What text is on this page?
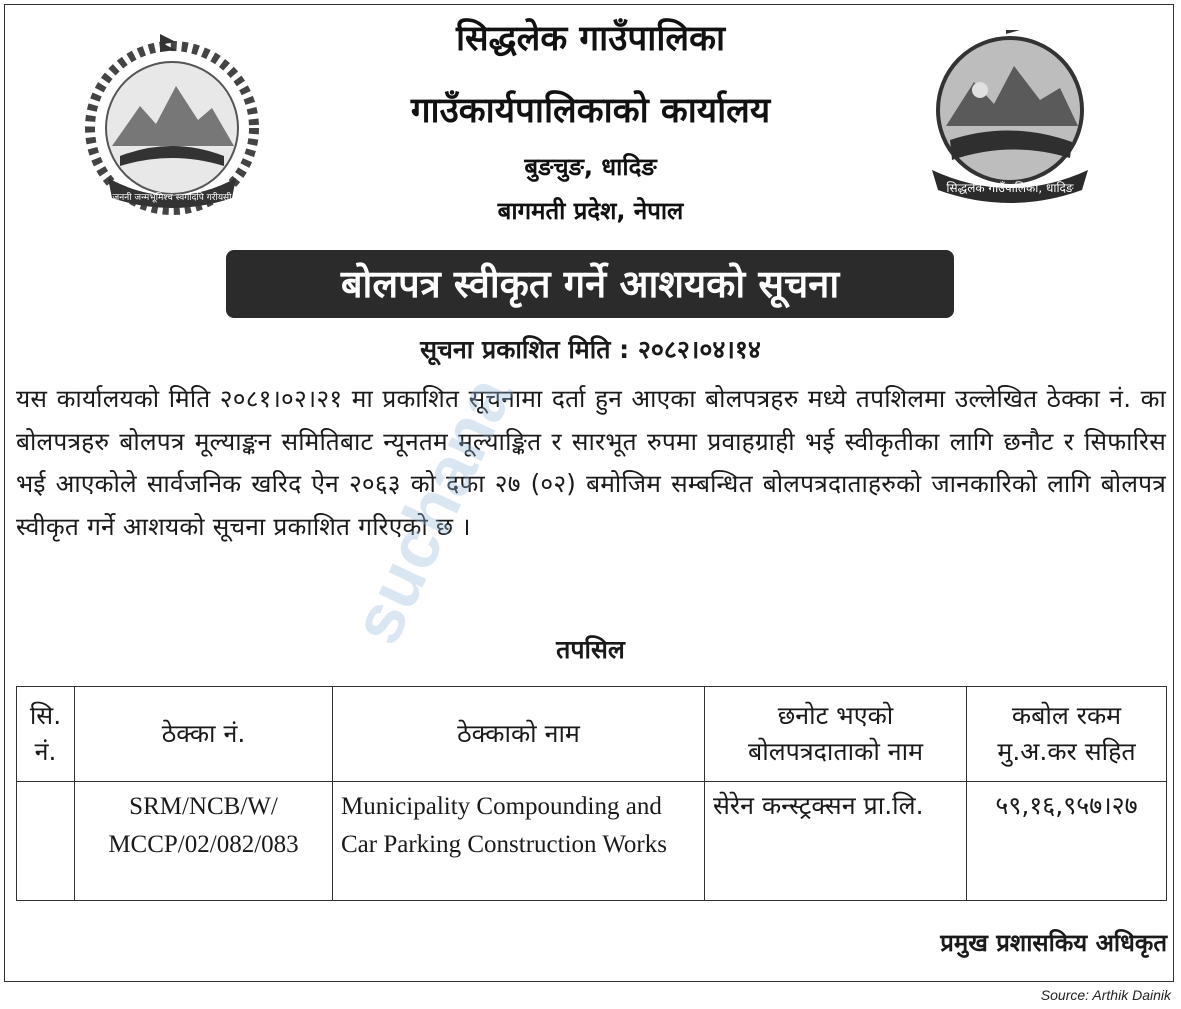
जननी जन्मभूमिश्च स्वर्गादपि गरीयसी
सिद्धलेक गाउँपालिका, धादिङ
सिद्धलेक गाउँपालिका
गाउँकार्यपालिकाको कार्यालय
बुङचुङ, धादिङ
बागमती प्रदेश, नेपाल
बोलपत्र स्वीकृत गर्ने आशयको सूचना
सूचना प्रकाशित मिति : २०८२।०४।१४
यस कार्यालयको मिति २०८१।०२।२१ मा प्रकाशित सूचनामा दर्ता हुन आएका बोलपत्रहरु मध्ये तपशिलमा उल्लेखित ठेक्का नं. का बोलपत्रहरु बोलपत्र मूल्याङ्कन समितिबाट न्यूनतम मूल्याङ्कित र सारभूत रुपमा प्रवाहग्राही भई स्वीकृतीका लागि छनौट र सिफारिस भई आएकोले सार्वजनिक खरिद ऐन २०६३ को दफा २७ (०२) बमोजिम सम्बन्धित बोलपत्रदाताहरुको जानकारिको लागि बोलपत्र स्वीकृत गर्ने आशयको सूचना प्रकाशित गरिएको छ ।
तपसिल
सि. नं.	ठेक्का नं.	ठेक्काको नाम	छनोट भएको बोलपत्रदाताको नाम	कबोल रकम मु.अ.कर सहित
	SRM/NCB/W/ MCCP/02/082/083	Municipality Compounding and Car Parking Construction Works	सेरेन कन्स्ट्रक्सन प्रा.लि.	५९,१६,९५७।२७
प्रमुख प्रशासकिय अधिकृत
Source: Arthik Dainik
suchana
